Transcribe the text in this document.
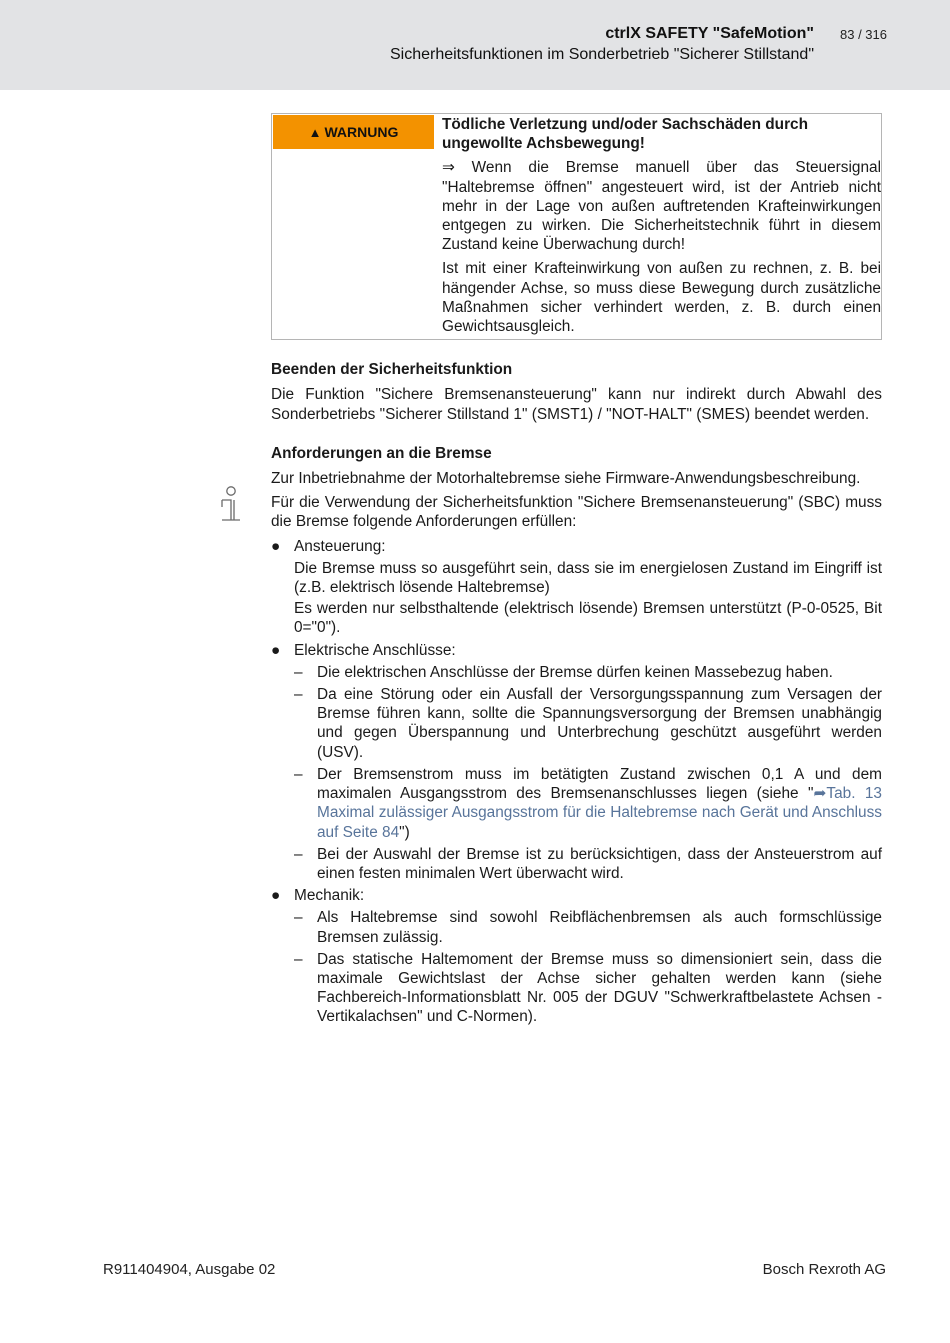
ctrlX SAFETY "SafeMotion"
Sicherheitsfunktionen im Sonderbetrieb "Sicherer Stillstand"
83 / 316
▲ WARNUNG	Tödliche Verletzung und/oder Sachschäden durch ungewollte Achsbewegung!

⇒ Wenn die Bremse manuell über das Steuersignal "Haltebremse öffnen" angesteuert wird, ist der Antrieb nicht mehr in der Lage von außen auftretenden Krafteinwirkungen entgegen zu wirken. Die Sicherheitstechnik führt in diesem Zustand keine Überwachung durch!

Ist mit einer Krafteinwirkung von außen zu rechnen, z. B. bei hängender Achse, so muss diese Bewegung durch zusätzliche Maßnahmen sicher verhindert werden, z. B. durch einen Gewichtsausgleich.

Beenden der Sicherheitsfunktion

Die Funktion "Sichere Bremsenansteuerung" kann nur indirekt durch Abwahl des Sonderbetriebs "Sicherer Stillstand 1" (SMST1) / "NOT-HALT" (SMES) beendet werden.

Anforderungen an die Bremse

Zur Inbetriebnahme der Motorhaltebremse siehe Firmware-Anwendungsbeschreibung.

Für die Verwendung der Sicherheitsfunktion "Sichere Bremsenansteuerung" (SBC) muss die Bremse folgende Anforderungen erfüllen:

● Ansteuerung:
Die Bremse muss so ausgeführt sein, dass sie im energielosen Zustand im Eingriff ist (z.B. elektrisch lösende Haltebremse)
Es werden nur selbsthaltende (elektrisch lösende) Bremsen unterstützt (P-0-0525, Bit 0="0").
● Elektrische Anschlüsse:
– Die elektrischen Anschlüsse der Bremse dürfen keinen Massebezug haben.
– Da eine Störung oder ein Ausfall der Versorgungsspannung zum Versagen der Bremse führen kann, sollte die Spannungsversorgung der Bremsen unabhängig und gegen Überspannung und Unterbrechung geschützt ausgeführt werden (USV).
– Der Bremsenstrom muss im betätigten Zustand zwischen 0,1 A und dem maximalen Ausgangsstrom des Bremsenanschlusses liegen (siehe "➦Tab. 13 Maximal zulässiger Ausgangsstrom für die Haltebremse nach Gerät und Anschluss auf Seite 84")
– Bei der Auswahl der Bremse ist zu berücksichtigen, dass der Ansteuerstrom auf einen festen minimalen Wert überwacht wird.
● Mechanik:
– Als Haltebremse sind sowohl Reibflächenbremsen als auch formschlüssige Bremsen zulässig.
– Das statische Haltemoment der Bremse muss so dimensioniert sein, dass die maximale Gewichtslast der Achse sicher gehalten werden kann (siehe Fachbereich-Informationsblatt Nr. 005 der DGUV "Schwerkraftbelastete Achsen - Vertikalachsen" und C-Normen).
R911404904, Ausgabe 02	Bosch Rexroth AG
